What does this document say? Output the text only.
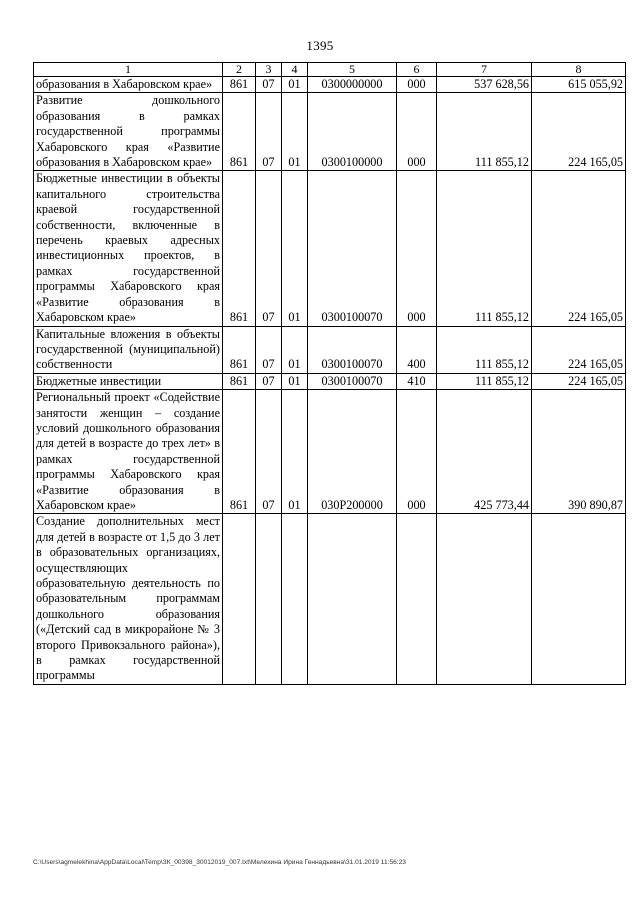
1395
1	2	3	4	5	6	7	8
образования в Хабаровском крае»	861	07	01	0300000000	000	537 628,56	615 055,92
Развитие дошкольного образования в рамках государственной программы Хабаровского края «Развитие образования в Хабаровском крае»	861	07	01	0300100000	000	111 855,12	224 165,05
Бюджетные инвестиции в объекты капитального строительства краевой государственной собственности, включенные в перечень краевых адресных инвестиционных проектов, в рамках государственной программы Хабаровского края «Развитие образования в Хабаровском крае»	861	07	01	0300100070	000	111 855,12	224 165,05
Капитальные вложения в объекты государственной (муниципальной) собственности	861	07	01	0300100070	400	111 855,12	224 165,05
Бюджетные инвестиции	861	07	01	0300100070	410	111 855,12	224 165,05
Региональный проект «Содействие занятости женщин – создание условий дошкольного образования для детей в возрасте до трех лет» в рамках государственной программы Хабаровского края «Развитие образования в Хабаровском крае»	861	07	01	030P200000	000	425 773,44	390 890,87
Создание дополнительных мест для детей в возрасте от 1,5 до 3 лет в образовательных организациях, осуществляющих образовательную деятельность по образовательным программам дошкольного образования («Детский сад в микрорайоне № 3 второго Привокзального района»), в рамках государственной программы							
C:\Users\agmelekhina\AppData\Local\Temp\ЗК_00398_30012019_007.txt\Мелехина Ирина Геннадьевна\31.01.2019 11:56:23
